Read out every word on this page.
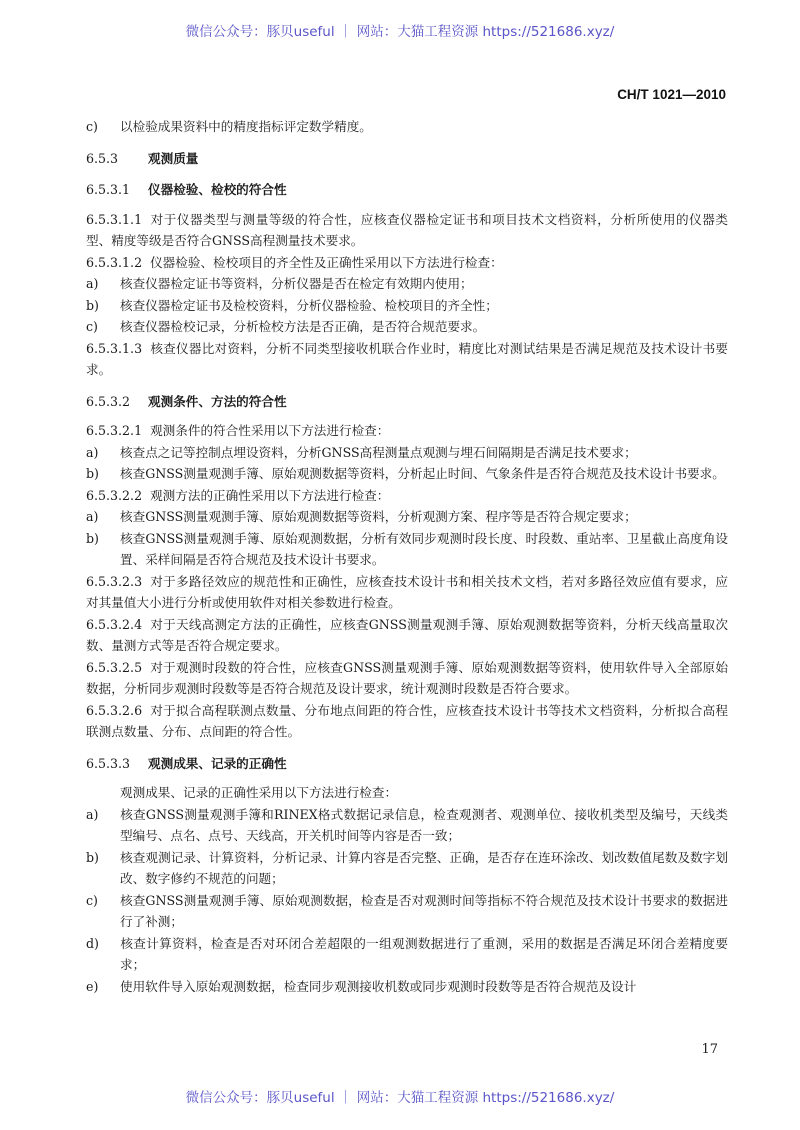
微信公众号：豚贝useful ｜ 网站：大猫工程资源 https://521686.xyz/
CH/T 1021—2010

c) 以检验成果资料中的精度指标评定数学精度。

6.5.3 观测质量

6.5.3.1 仪器检验、检校的符合性

6.5.3.1.1 对于仪器类型与测量等级的符合性，应核查仪器检定证书和项目技术文档资料，分析所使用的仪器类型、精度等级是否符合GNSS高程测量技术要求。

6.5.3.1.2 仪器检验、检校项目的齐全性及正确性采用以下方法进行检查：

a) 核查仪器检定证书等资料，分析仪器是否在检定有效期内使用；

b) 核查仪器检定证书及检校资料，分析仪器检验、检校项目的齐全性；

c) 核查仪器检校记录，分析检校方法是否正确，是否符合规范要求。

6.5.3.1.3 核查仪器比对资料，分析不同类型接收机联合作业时，精度比对测试结果是否满足规范及技术设计书要求。

6.5.3.2 观测条件、方法的符合性

6.5.3.2.1 观测条件的符合性采用以下方法进行检查：

a) 核查点之记等控制点埋设资料，分析GNSS高程测量点观测与埋石间隔期是否满足技术要求；

b) 核查GNSS测量观测手簿、原始观测数据等资料，分析起止时间、气象条件是否符合规范及技术设计书要求。

6.5.3.2.2 观测方法的正确性采用以下方法进行检查：

a) 核查GNSS测量观测手簿、原始观测数据等资料，分析观测方案、程序等是否符合规定要求；

b) 核查GNSS测量观测手簿、原始观测数据，分析有效同步观测时段长度、时段数、重站率、卫星截止高度角设置、采样间隔是否符合规范及技术设计书要求。

6.5.3.2.3 对于多路径效应的规范性和正确性，应核查技术设计书和相关技术文档，若对多路径效应值有要求，应对其量值大小进行分析或使用软件对相关参数进行检查。

6.5.3.2.4 对于天线高测定方法的正确性，应核查GNSS测量观测手簿、原始观测数据等资料，分析天线高量取次数、量测方式等是否符合规定要求。

6.5.3.2.5 对于观测时段数的符合性，应核查GNSS测量观测手簿、原始观测数据等资料，使用软件导入全部原始数据，分析同步观测时段数等是否符合规范及设计要求，统计观测时段数是否符合要求。

6.5.3.2.6 对于拟合高程联测点数量、分布地点间距的符合性，应核查技术设计书等技术文档资料，分析拟合高程联测点数量、分布、点间距的符合性。

6.5.3.3 观测成果、记录的正确性

观测成果、记录的正确性采用以下方法进行检查：

a) 核查GNSS测量观测手簿和RINEX格式数据记录信息，检查观测者、观测单位、接收机类型及编号，天线类型编号、点名、点号、天线高，开关机时间等内容是否一致；

b) 核查观测记录、计算资料，分析记录、计算内容是否完整、正确，是否存在连环涂改、划改数值尾数及数字划改、数字修约不规范的问题；

c) 核查GNSS测量观测手簿、原始观测数据，检查是否对观测时间等指标不符合规范及技术设计书要求的数据进行了补测；

d) 核查计算资料，检查是否对环闭合差超限的一组观测数据进行了重测，采用的数据是否满足环闭合差精度要求；

e) 使用软件导入原始观测数据，检查同步观测接收机数或同步观测时段数等是否符合规范及设计

17
微信公众号：豚贝useful ｜ 网站：大猫工程资源 https://521686.xyz/
